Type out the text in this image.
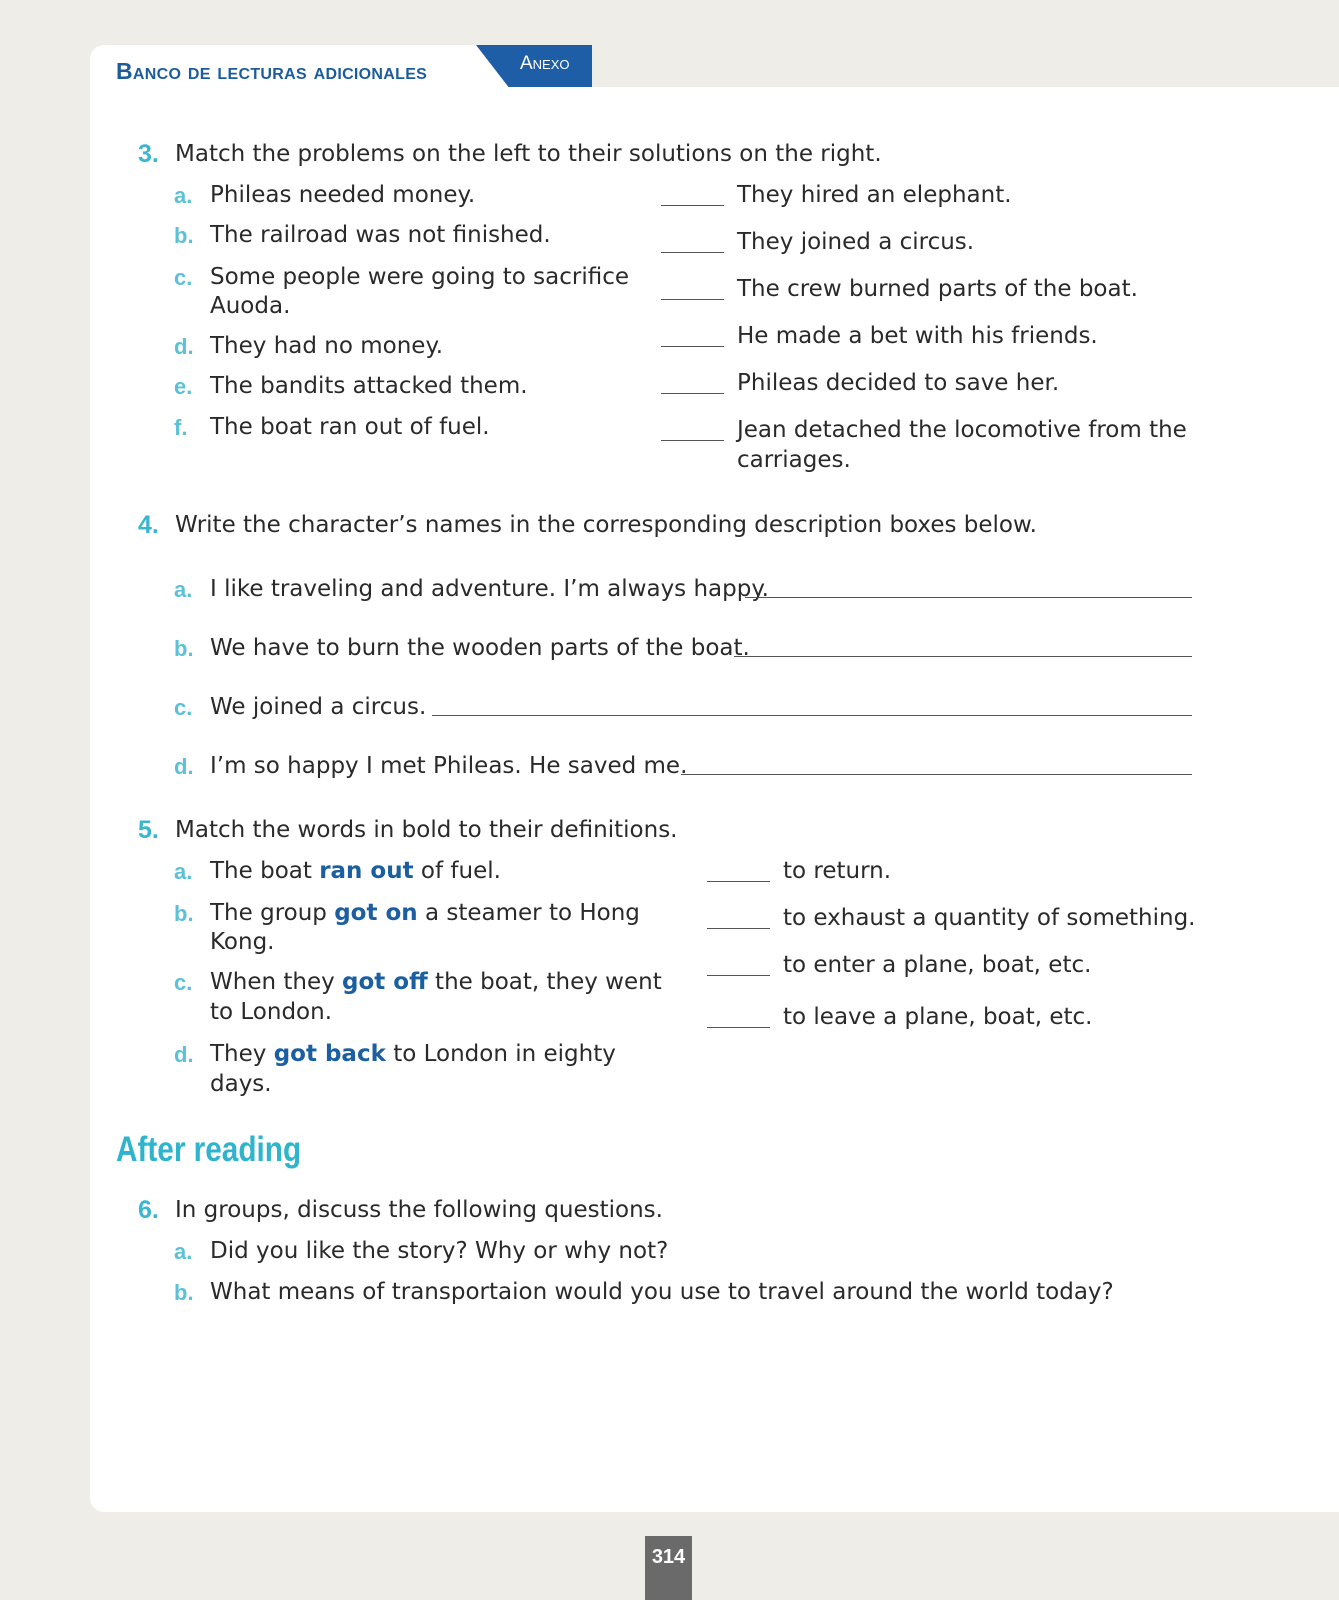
Banco de lecturas adicionales	Anexo
3. Match the problems on the left to their solutions on the right.
a. Phileas needed money.
b. The railroad was not finished.
c. Some people were going to sacrifice
Auoda.
d. They had no money.
e. The bandits attacked them.
f. The boat ran out of fuel.
They hired an elephant.
They joined a circus.
The crew burned parts of the boat.
He made a bet with his friends.
Phileas decided to save her.
Jean detached the locomotive from the
carriages.
4. Write the character’s names in the corresponding description boxes below.
a. I like traveling and adventure. I’m always happy.
b. We have to burn the wooden parts of the boat.
c. We joined a circus.
d. I’m so happy I met Phileas. He saved me.
5. Match the words in bold to their definitions.
a. The boat ran out of fuel.
b. The group got on a steamer to Hong
Kong.
c. When they got off the boat, they went
to London.
d. They got back to London in eighty
days.
to return.
to exhaust a quantity of something.
to enter a plane, boat, etc.
to leave a plane, boat, etc.
After reading
6. In groups, discuss the following questions.
a. Did you like the story? Why or why not?
b. What means of transportaion would you use to travel around the world today?
314
